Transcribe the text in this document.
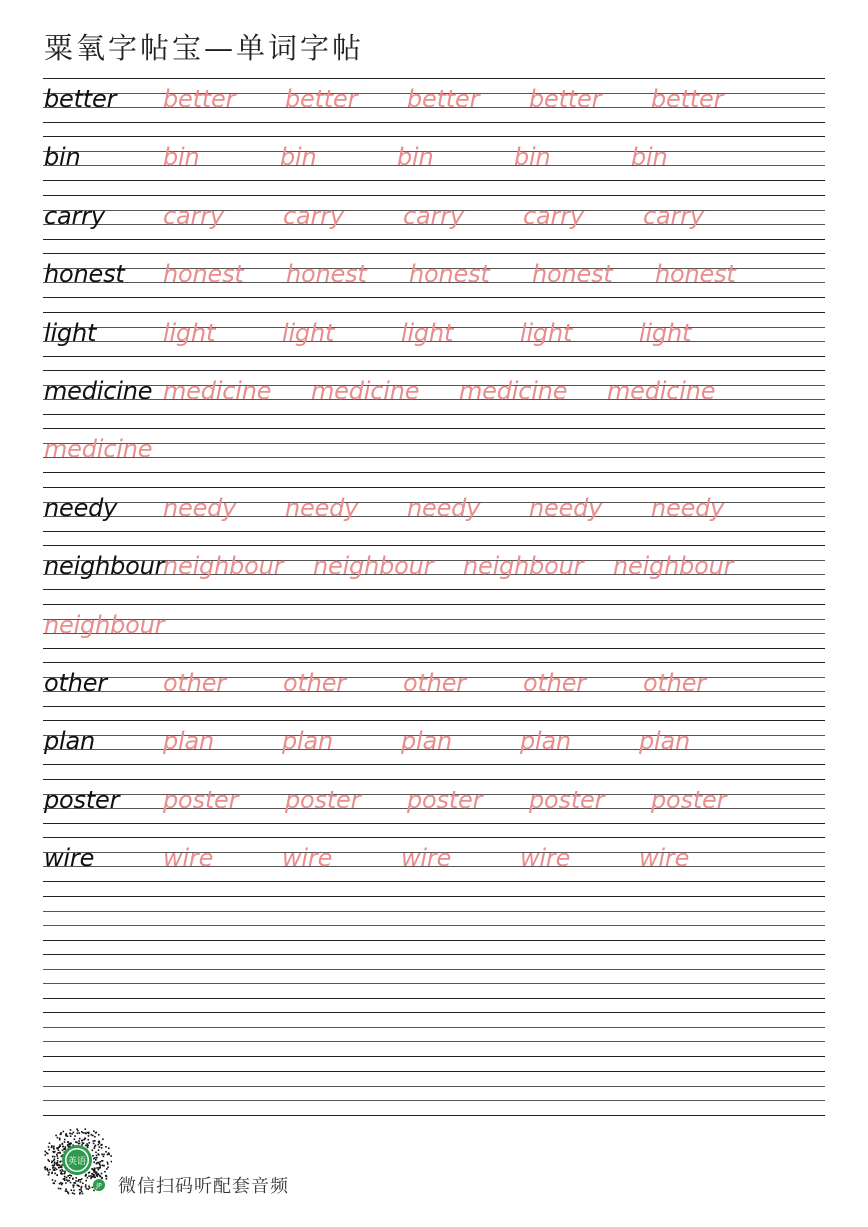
粟氧字帖宝—单词字帖
better better better better better better
bin	bin	bin	bin	bin	bin
carry carry carry carry carry carry
honest honest honest honest honest honest
light	light	light	light	light	light
medicine medicine medicine medicine medicine
medicine
needy needy needy needy needy needy
neighbour
neighbour neighbour neighbour neighbour
neighbour
other other other other other other
plan	plan	plan	plan	plan	plan
poster poster poster poster poster poster
wire	wire	wire	wire	wire	wire
英语
JP 微信扫码听配套音频
